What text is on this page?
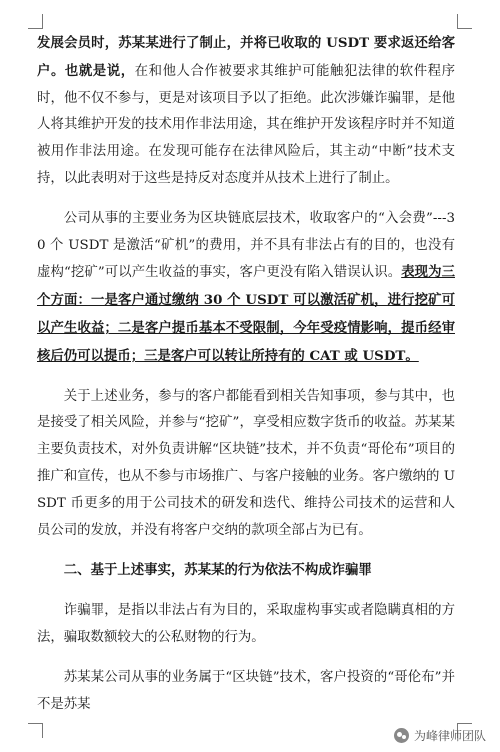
发展会员时，苏某某进行了制止，并将已收取的 USDT 要求返还给客户。也就是说，在和他人合作被要求其维护可能触犯法律的软件程序时，他不仅不参与，更是对该项目予以了拒绝。此次涉嫌诈骗罪，是他人将其维护开发的技术用作非法用途，其在维护开发该程序时并不知道被用作非法用途。在发现可能存在法律风险后，其主动“中断”技术支持，以此表明对于这些是持反对态度并从技术上进行了制止。

公司从事的主要业务为区块链底层技术，收取客户的“入会费”---30 个 USDT 是激活“矿机”的费用，并不具有非法占有的目的，也没有虚构“挖矿”可以产生收益的事实，客户更没有陷入错误认识。表现为三个方面：一是客户通过缴纳 30 个 USDT 可以激活矿机，进行挖矿可以产生收益；二是客户提币基本不受限制，今年受疫情影响，提币经审核后仍可以提币；三是客户可以转让所持有的 CAT 或 USDT。

关于上述业务，参与的客户都能看到相关告知事项，参与其中，也是接受了相关风险，并参与“挖矿”，享受相应数字货币的收益。苏某某主要负责技术，对外负责讲解“区块链”技术，并不负责“哥伦布”项目的推广和宣传，也从不参与市场推广、与客户接触的业务。客户缴纳的 USDT 币更多的用于公司技术的研发和迭代、维持公司技术的运营和人员公司的发放，并没有将客户交纳的款项全部占为已有。

二、基于上述事实，苏某某的行为依法不构成诈骗罪

诈骗罪，是指以非法占有为目的，采取虚构事实或者隐瞒真相的方法，骗取数额较大的公私财物的行为。

苏某某公司从事的业务属于“区块链”技术，客户投资的“哥伦布”并不是苏某

为峰律师团队
